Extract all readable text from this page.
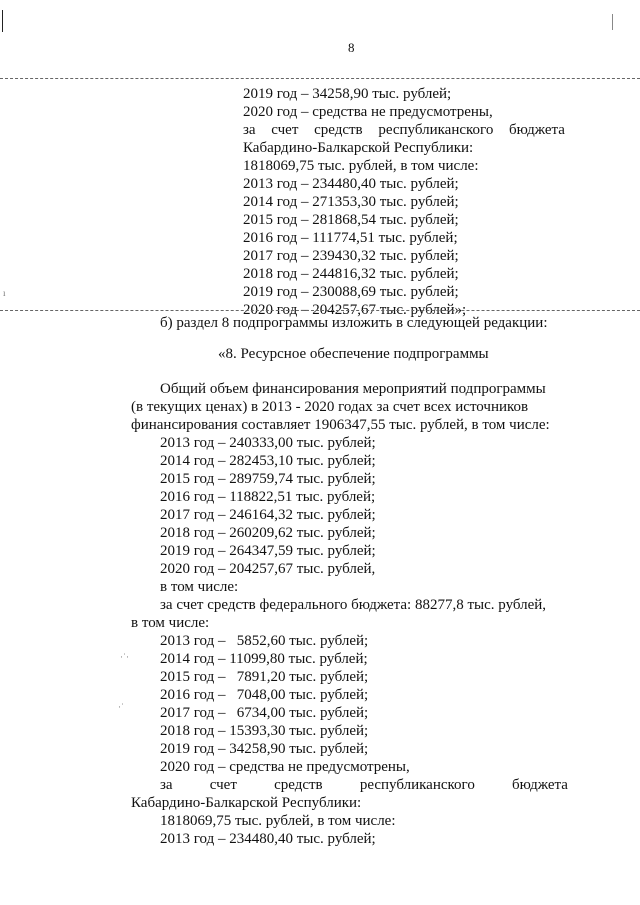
8
2019 год – 34258,90 тыс. рублей;
2020 год – средства не предусмотрены,
за счет средств республиканского бюджета
Кабардино-Балкарской Республики:
1818069,75 тыс. рублей, в том числе:
2013 год – 234480,40 тыс. рублей;
2014 год – 271353,30 тыс. рублей;
2015 год – 281868,54 тыс. рублей;
2016 год – 111774,51 тыс. рублей;
2017 год – 239430,32 тыс. рублей;
2018 год – 244816,32 тыс. рублей;
2019 год – 230088,69 тыс. рублей;
2020 год – 204257,67 тыс. рублей»;
б) раздел 8 подпрограммы изложить в следующей редакции:
«8. Ресурсное обеспечение подпрограммы
Общий объем финансирования мероприятий подпрограммы
(в текущих ценах) в 2013 - 2020 годах за счет всех источников
финансирования составляет 1906347,55 тыс. рублей, в том числе:
2013 год – 240333,00 тыс. рублей;
2014 год – 282453,10 тыс. рублей;
2015 год – 289759,74 тыс. рублей;
2016 год – 118822,51 тыс. рублей;
2017 год – 246164,32 тыс. рублей;
2018 год – 260209,62 тыс. рублей;
2019 год – 264347,59 тыс. рублей;
2020 год – 204257,67 тыс. рублей,
в том числе:
за счет средств федерального бюджета: 88277,8 тыс. рублей,
в том числе:
2013 год –   5852,60 тыс. рублей;
2014 год – 11099,80 тыс. рублей;
2015 год –   7891,20 тыс. рублей;
2016 год –   7048,00 тыс. рублей;
2017 год –   6734,00 тыс. рублей;
2018 год – 15393,30 тыс. рублей;
2019 год – 34258,90 тыс. рублей;
2020 год – средства не предусмотрены,
за счет средств республиканского бюджета
Кабардино-Балкарской Республики:
1818069,75 тыс. рублей, в том числе:
2013 год – 234480,40 тыс. рублей;
·˙·
·˙
ı
